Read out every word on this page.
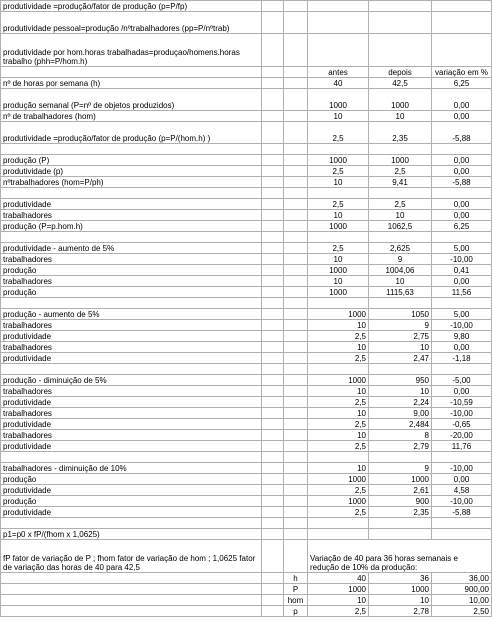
produtividade =produção/fator de produção (p=P/fp)					
produtividade pessoal=produção /nºtrabalhadores (pp=P/nºtrab)					
produtividade por hom.horas trabalhadas=produçao/homens.horas trabalho (phh=P/hom.h)					
			antes	depois	variação em %
nº de horas por semana (h)			40	42,5	6,25
produção semanal (P=nº de objetos produzidos)			1000	1000	0,00
nº de trabalhadores (hom)			10	10	0,00
produtividade =produção/fator de produção (p=P/(hom.h) )			2,5	2,35	-5,88

produção (P)			1000	1000	0,00
produtividade (p)			2,5	2,5	0,00
nºtrabalhadores (hom=P/ph)			10	9,41	-5,88

produtividade			2,5	2,5	0,00
trabalhadores			10	10	0,00
produção (P=p.hom.h)			1000	1062,5	6,25

produtividade - aumento de 5%			2,5	2,625	5,00
trabalhadores			10	9	-10,00
produção			1000	1004,06	0,41
trabalhadores			10	10	0,00
produção			1000	1115,63	11,56

produção - aumento de 5%			1000	1050	5,00
trabalhadores			10	9	-10,00
produtividade			2,5	2,75	9,80
trabalhadores			10	10	0,00
produtividade			2,5	2,47	-1,18

produção - diminuição de 5%			1000	950	-5,00
trabalhadores			10	10	0,00
produtividade			2,5	2,24	-10,59
trabalhadores			10	9,00	-10,00
produtividade			2,5	2,484	-0,65
trabalhadores			10	8	-20,00
produtividade			2,5	2,79	11,76

trabalhadores - diminuição de 10%			10	9	-10,00
produção			1000	1000	0,00
produtividade			2,5	2,61	4,58
produção			1000	900	-10,00
produtividade			2,5	2,35	-5,88

p1=p0 x fP/(fhom x 1,0625)					
fP fator de variação de P ; fhom fator de variação de hom ; 1,0625 fator de variação das horas de 40 para 42,5			Variação de 40 para 36 horas semanais e redução de 10% da produção:		
		h	40	36	36,00
		P	1000	1000	900,00
		hom	10	10	10,00
		p	2,5	2,78	2,50
